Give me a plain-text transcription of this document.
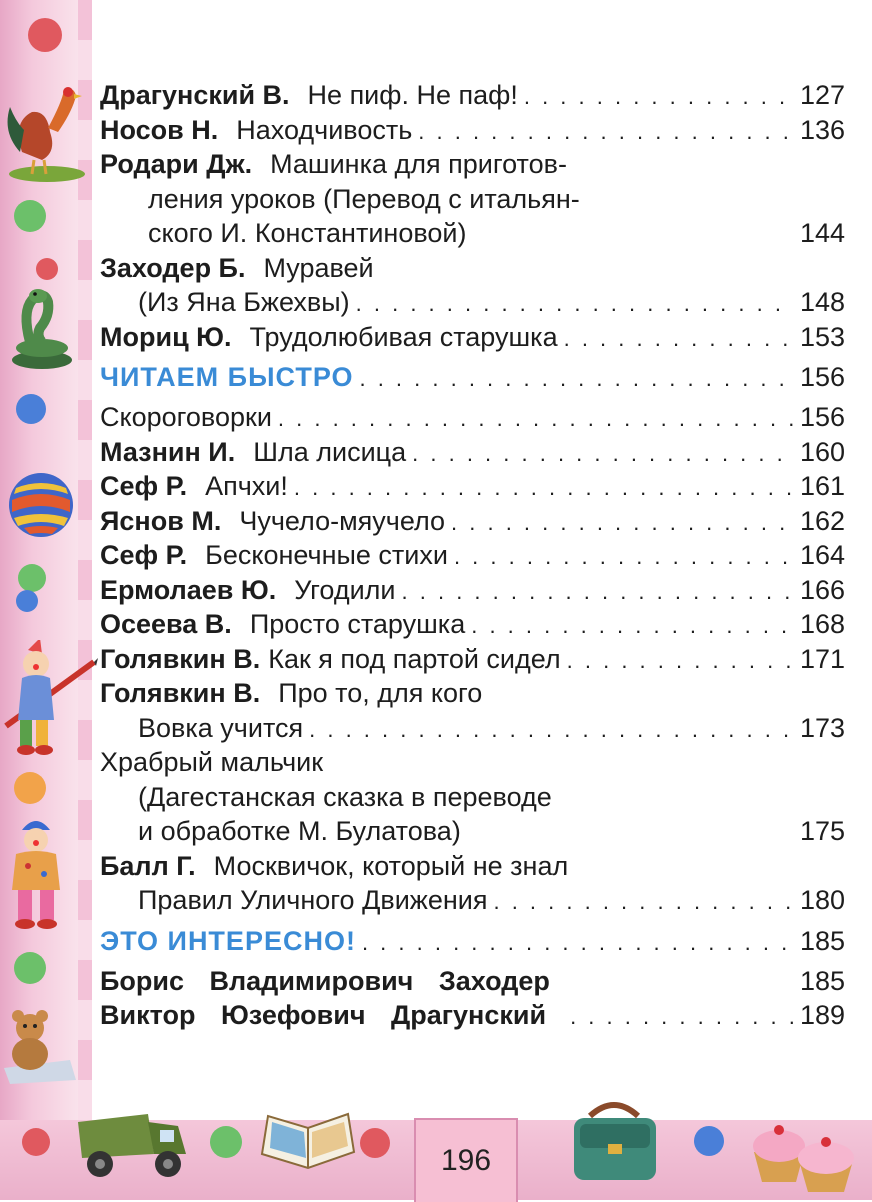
196
Драгунский В. Не пиф. Не паф! . . .	127
Носов Н. Находчивость . . .	136
Родари Дж. Машинка для приготов-
ления уроков (Перевод с итальян-
ского И. Константиновой)	144
Заходер Б. Муравей
(Из Яна Бжехвы) . . .	148
Мориц Ю. Трудолюбивая старушка . . .	153
ЧИТАЕМ БЫСТРО . . .	156
Скороговорки . . .	156
Мазнин И. Шла лисица . . .	160
Сеф Р. Апчхи! . . .	161
Яснов М. Чучело-мяучело . . .	162
Сеф Р. Бесконечные стихи . . .	164
Ермолаев Ю. Угодили . . .	166
Осеева В. Просто старушка . . .	168
Голявкин В. Как я под партой сидел . . .	171
Голявкин В. Про то, для кого
Вовка учится . . .	173
Храбрый мальчик
(Дагестанская сказка в переводе
и обработке М. Булатова)	175
Балл Г. Москвичок, который не знал
Правил Уличного Движения . . .	180
ЭТО ИНТЕРЕСНО! . . .	185
Борис Владимирович Заходер	185
Виктор Юзефович Драгунский . . .	189
